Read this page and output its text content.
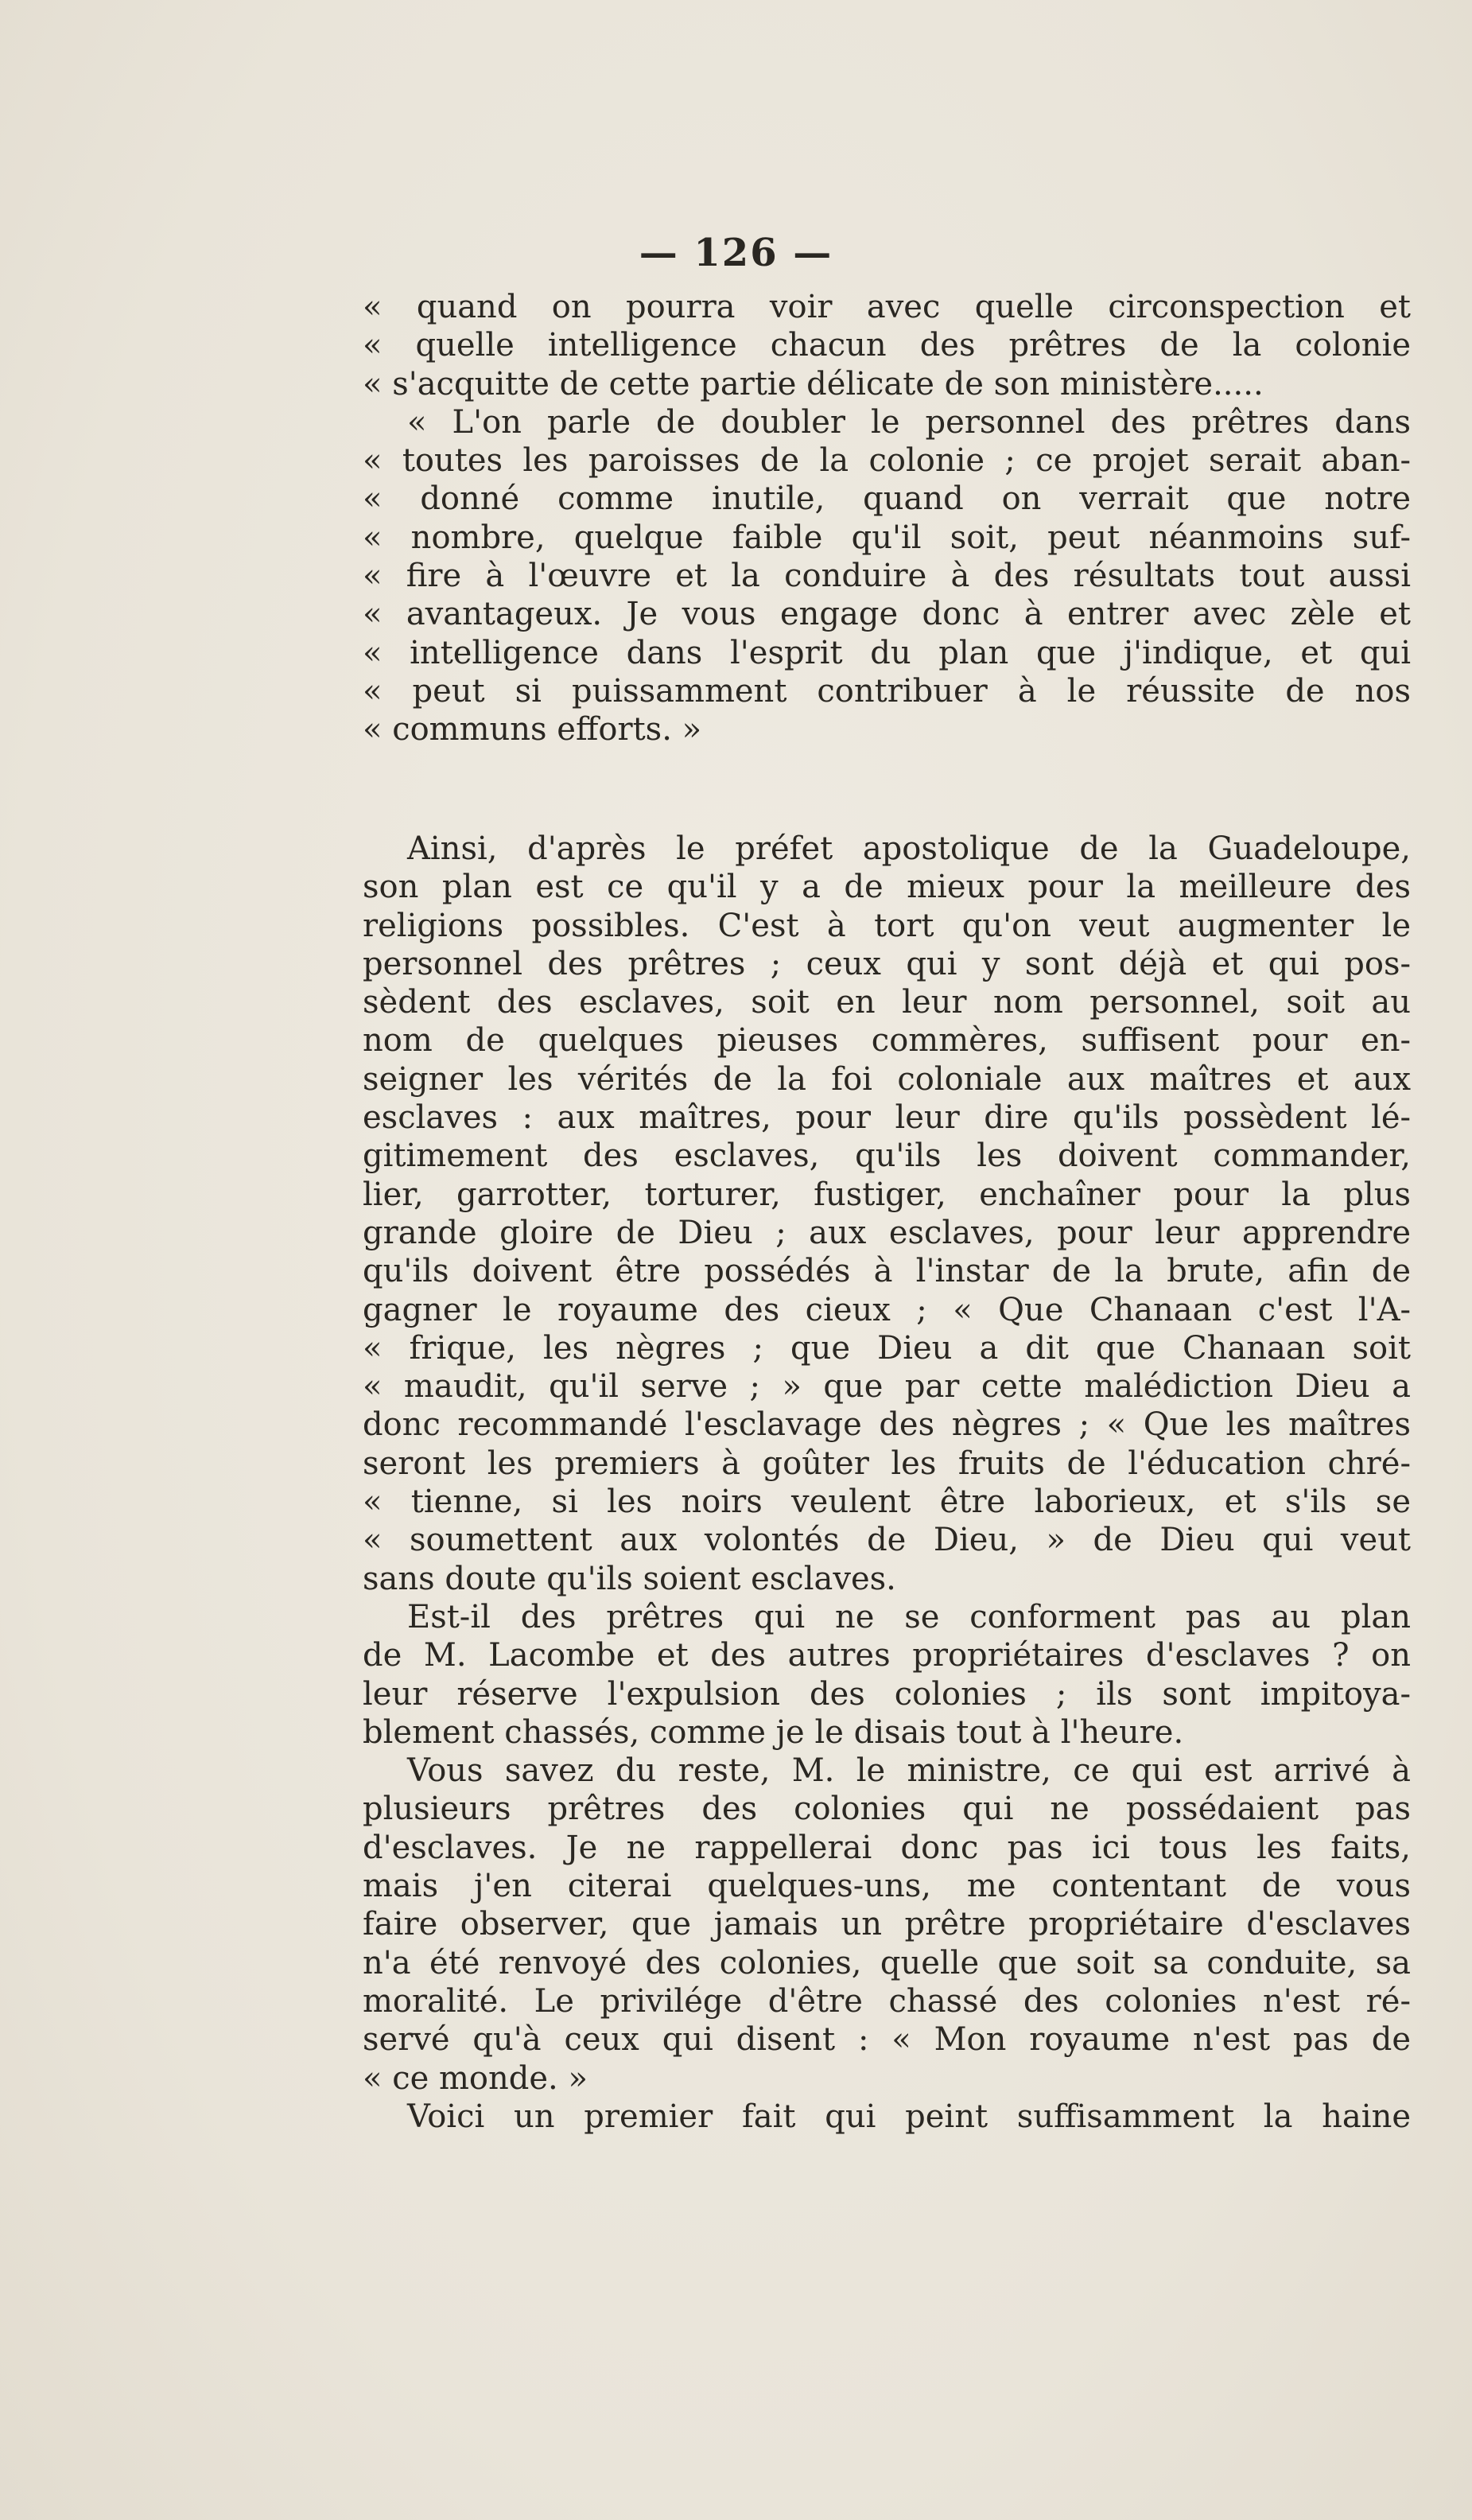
— 126 —
« quand on pourra voir avec quelle circonspection et
« quelle intelligence chacun des prêtres de la colonie
« s'acquitte de cette partie délicate de son ministère.....
« L'on parle de doubler le personnel des prêtres dans
« toutes les paroisses de la colonie ; ce projet serait aban-
« donné comme inutile, quand on verrait que notre
« nombre, quelque faible qu'il soit, peut néanmoins suf-
« fire à l'œuvre et la conduire à des résultats tout aussi
« avantageux. Je vous engage donc à entrer avec zèle et
« intelligence dans l'esprit du plan que j'indique, et qui
« peut si puissamment contribuer à le réussite de nos
« communs efforts. »
Ainsi, d'après le préfet apostolique de la Guadeloupe,
son plan est ce qu'il y a de mieux pour la meilleure des
religions possibles. C'est à tort qu'on veut augmenter le
personnel des prêtres ; ceux qui y sont déjà et qui pos-
sèdent des esclaves, soit en leur nom personnel, soit au
nom de quelques pieuses commères, suffisent pour en-
seigner les vérités de la foi coloniale aux maîtres et aux
esclaves : aux maîtres, pour leur dire qu'ils possèdent lé-
gitimement des esclaves, qu'ils les doivent commander,
lier, garrotter, torturer, fustiger, enchaîner pour la plus
grande gloire de Dieu ; aux esclaves, pour leur apprendre
qu'ils doivent être possédés à l'instar de la brute, afin de
gagner le royaume des cieux ; « Que Chanaan c'est l'A-
« frique, les nègres ; que Dieu a dit que Chanaan soit
« maudit, qu'il serve ; » que par cette malédiction Dieu a
donc recommandé l'esclavage des nègres ; « Que les maîtres
seront les premiers à goûter les fruits de l'éducation chré-
« tienne, si les noirs veulent être laborieux, et s'ils se
« soumettent aux volontés de Dieu, » de Dieu qui veut
sans doute qu'ils soient esclaves.
Est-il des prêtres qui ne se conforment pas au plan
de M. Lacombe et des autres propriétaires d'esclaves ? on
leur réserve l'expulsion des colonies ; ils sont impitoya-
blement chassés, comme je le disais tout à l'heure.
Vous savez du reste, M. le ministre, ce qui est arrivé à
plusieurs prêtres des colonies qui ne possédaient pas
d'esclaves. Je ne rappellerai donc pas ici tous les faits,
mais j'en citerai quelques-uns, me contentant de vous
faire observer, que jamais un prêtre propriétaire d'esclaves
n'a été renvoyé des colonies, quelle que soit sa conduite, sa
moralité. Le privilége d'être chassé des colonies n'est ré-
servé qu'à ceux qui disent : « Mon royaume n'est pas de
« ce monde. »
Voici un premier fait qui peint suffisamment la haine
